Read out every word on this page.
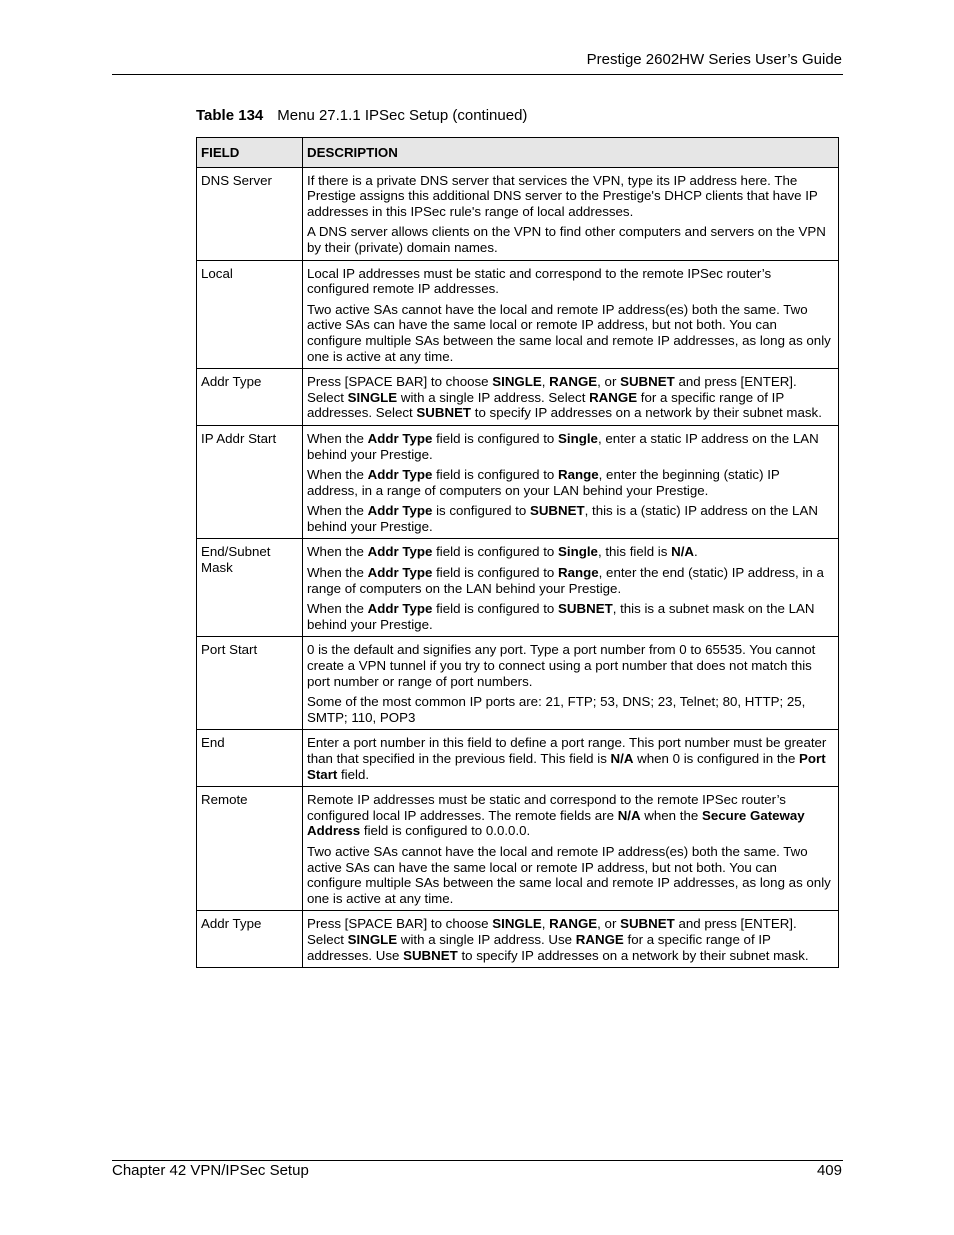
Prestige 2602HW Series User’s Guide
Table 134 Menu 27.1.1 IPSec Setup (continued)
FIELD	DESCRIPTION
DNS Server	If there is a private DNS server that services the VPN, type its IP address here. The Prestige assigns this additional DNS server to the Prestige's DHCP clients that have IP addresses in this IPSec rule's range of local addresses.
A DNS server allows clients on the VPN to find other computers and servers on the VPN by their (private) domain names.

Local	Local IP addresses must be static and correspond to the remote IPSec router’s configured remote IP addresses.
Two active SAs cannot have the local and remote IP address(es) both the same. Two active SAs can have the same local or remote IP address, but not both. You can configure multiple SAs between the same local and remote IP addresses, as long as only one is active at any time.

Addr Type	Press [SPACE BAR] to choose SINGLE, RANGE, or SUBNET and press [ENTER]. Select SINGLE with a single IP address. Select RANGE for a specific range of IP addresses. Select SUBNET to specify IP addresses on a network by their subnet mask.

IP Addr Start	When the Addr Type field is configured to Single, enter a static IP address on the LAN behind your Prestige.
When the Addr Type field is configured to Range, enter the beginning (static) IP address, in a range of computers on your LAN behind your Prestige.
When the Addr Type is configured to SUBNET, this is a (static) IP address on the LAN behind your Prestige.

End/Subnet Mask	When the Addr Type field is configured to Single, this field is N/A.
When the Addr Type field is configured to Range, enter the end (static) IP address, in a range of computers on the LAN behind your Prestige.
When the Addr Type field is configured to SUBNET, this is a subnet mask on the LAN behind your Prestige.

Port Start	0 is the default and signifies any port. Type a port number from 0 to 65535. You cannot create a VPN tunnel if you try to connect using a port number that does not match this port number or range of port numbers.
Some of the most common IP ports are: 21, FTP; 53, DNS; 23, Telnet; 80, HTTP; 25, SMTP; 110, POP3

End	Enter a port number in this field to define a port range. This port number must be greater than that specified in the previous field. This field is N/A when 0 is configured in the Port Start field.

Remote	Remote IP addresses must be static and correspond to the remote IPSec router’s configured local IP addresses. The remote fields are N/A when the Secure Gateway Address field is configured to 0.0.0.0.
Two active SAs cannot have the local and remote IP address(es) both the same. Two active SAs can have the same local or remote IP address, but not both. You can configure multiple SAs between the same local and remote IP addresses, as long as only one is active at any time.

Addr Type	Press [SPACE BAR] to choose SINGLE, RANGE, or SUBNET and press [ENTER]. Select SINGLE with a single IP address. Use RANGE for a specific range of IP addresses. Use SUBNET to specify IP addresses on a network by their subnet mask.
Chapter 42 VPN/IPSec Setup	409
